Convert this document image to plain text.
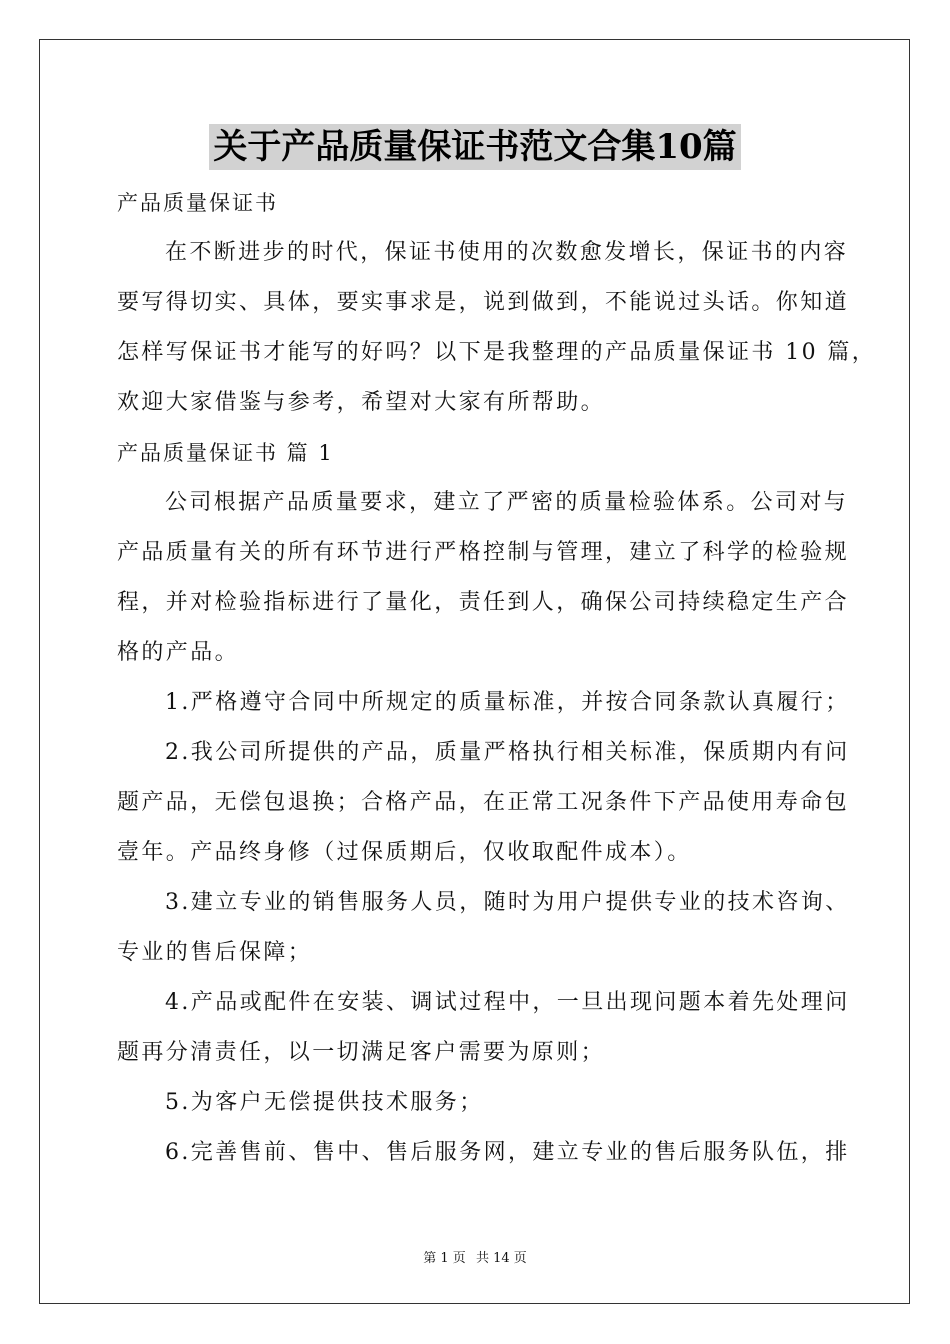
关于产品质量保证书范文合集10篇
产品质量保证书
在不断进步的时代，保证书使用的次数愈发增长，保证书的内容
要写得切实、具体，要实事求是，说到做到，不能说过头话。你知道
怎样写保证书才能写的好吗？以下是我整理的产品质量保证书 10 篇，
欢迎大家借鉴与参考，希望对大家有所帮助。
产品质量保证书 篇 1
公司根据产品质量要求，建立了严密的质量检验体系。公司对与
产品质量有关的所有环节进行严格控制与管理，建立了科学的检验规
程，并对检验指标进行了量化，责任到人，确保公司持续稳定生产合
格的产品。
1.严格遵守合同中所规定的质量标准，并按合同条款认真履行；
2.我公司所提供的产品，质量严格执行相关标准，保质期内有问
题产品，无偿包退换；合格产品，在正常工况条件下产品使用寿命包
壹年。产品终身修（过保质期后，仅收取配件成本）。
3.建立专业的销售服务人员，随时为用户提供专业的技术咨询、
专业的售后保障；
4.产品或配件在安装、调试过程中，一旦出现问题本着先处理问
题再分清责任，以一切满足客户需要为原则；
5.为客户无偿提供技术服务；
6.完善售前、售中、售后服务网，建立专业的售后服务队伍，排
第 1 页 共 14 页
